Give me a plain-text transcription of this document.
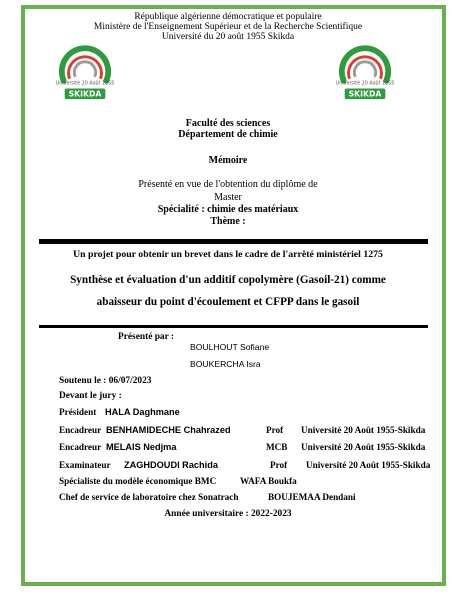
République algérienne démocratique et populaire
Ministère de l'Enseignement Supérieur et de la Recherche Scientifique
Université du 20 août 1955 Skikda
Université 20 Août 1955
SKIKDA
Université 20 Août 1955
SKIKDA
Faculté des sciences
Département de chimie
Mémoire
Présenté en vue de l'obtention du diplôme de
Master
Spécialité : chimie des matériaux
Thème :
Un projet pour obtenir un brevet dans le cadre de l'arrêté ministériel 1275
Synthèse et évaluation d'un additif copolymère (Gasoil-21) comme
abaisseur du point d'écoulement et CFPP dans le gasoil
Présenté par :
BOULHOUT Sofiane
BOUKERCHA Isra
Soutenu le : 06/07/2023
Devant le jury :
Président HALA Daghmane
Encadreur BENHAMIDECHE Chahrazed	Prof Université 20 Août 1955-Skikda
Encadreur MELAIS Nedjma	MCB Université 20 Août 1955-Skikda
Examinateur ZAGHDOUDI Rachida	Prof Université 20 Août 1955-Skikda
Spécialiste du modèle économique BMC	WAFA Boukfa
Chef de service de laboratoire chez Sonatrach	BOUJEMAA Dendani
Année universitaire : 2022-2023
